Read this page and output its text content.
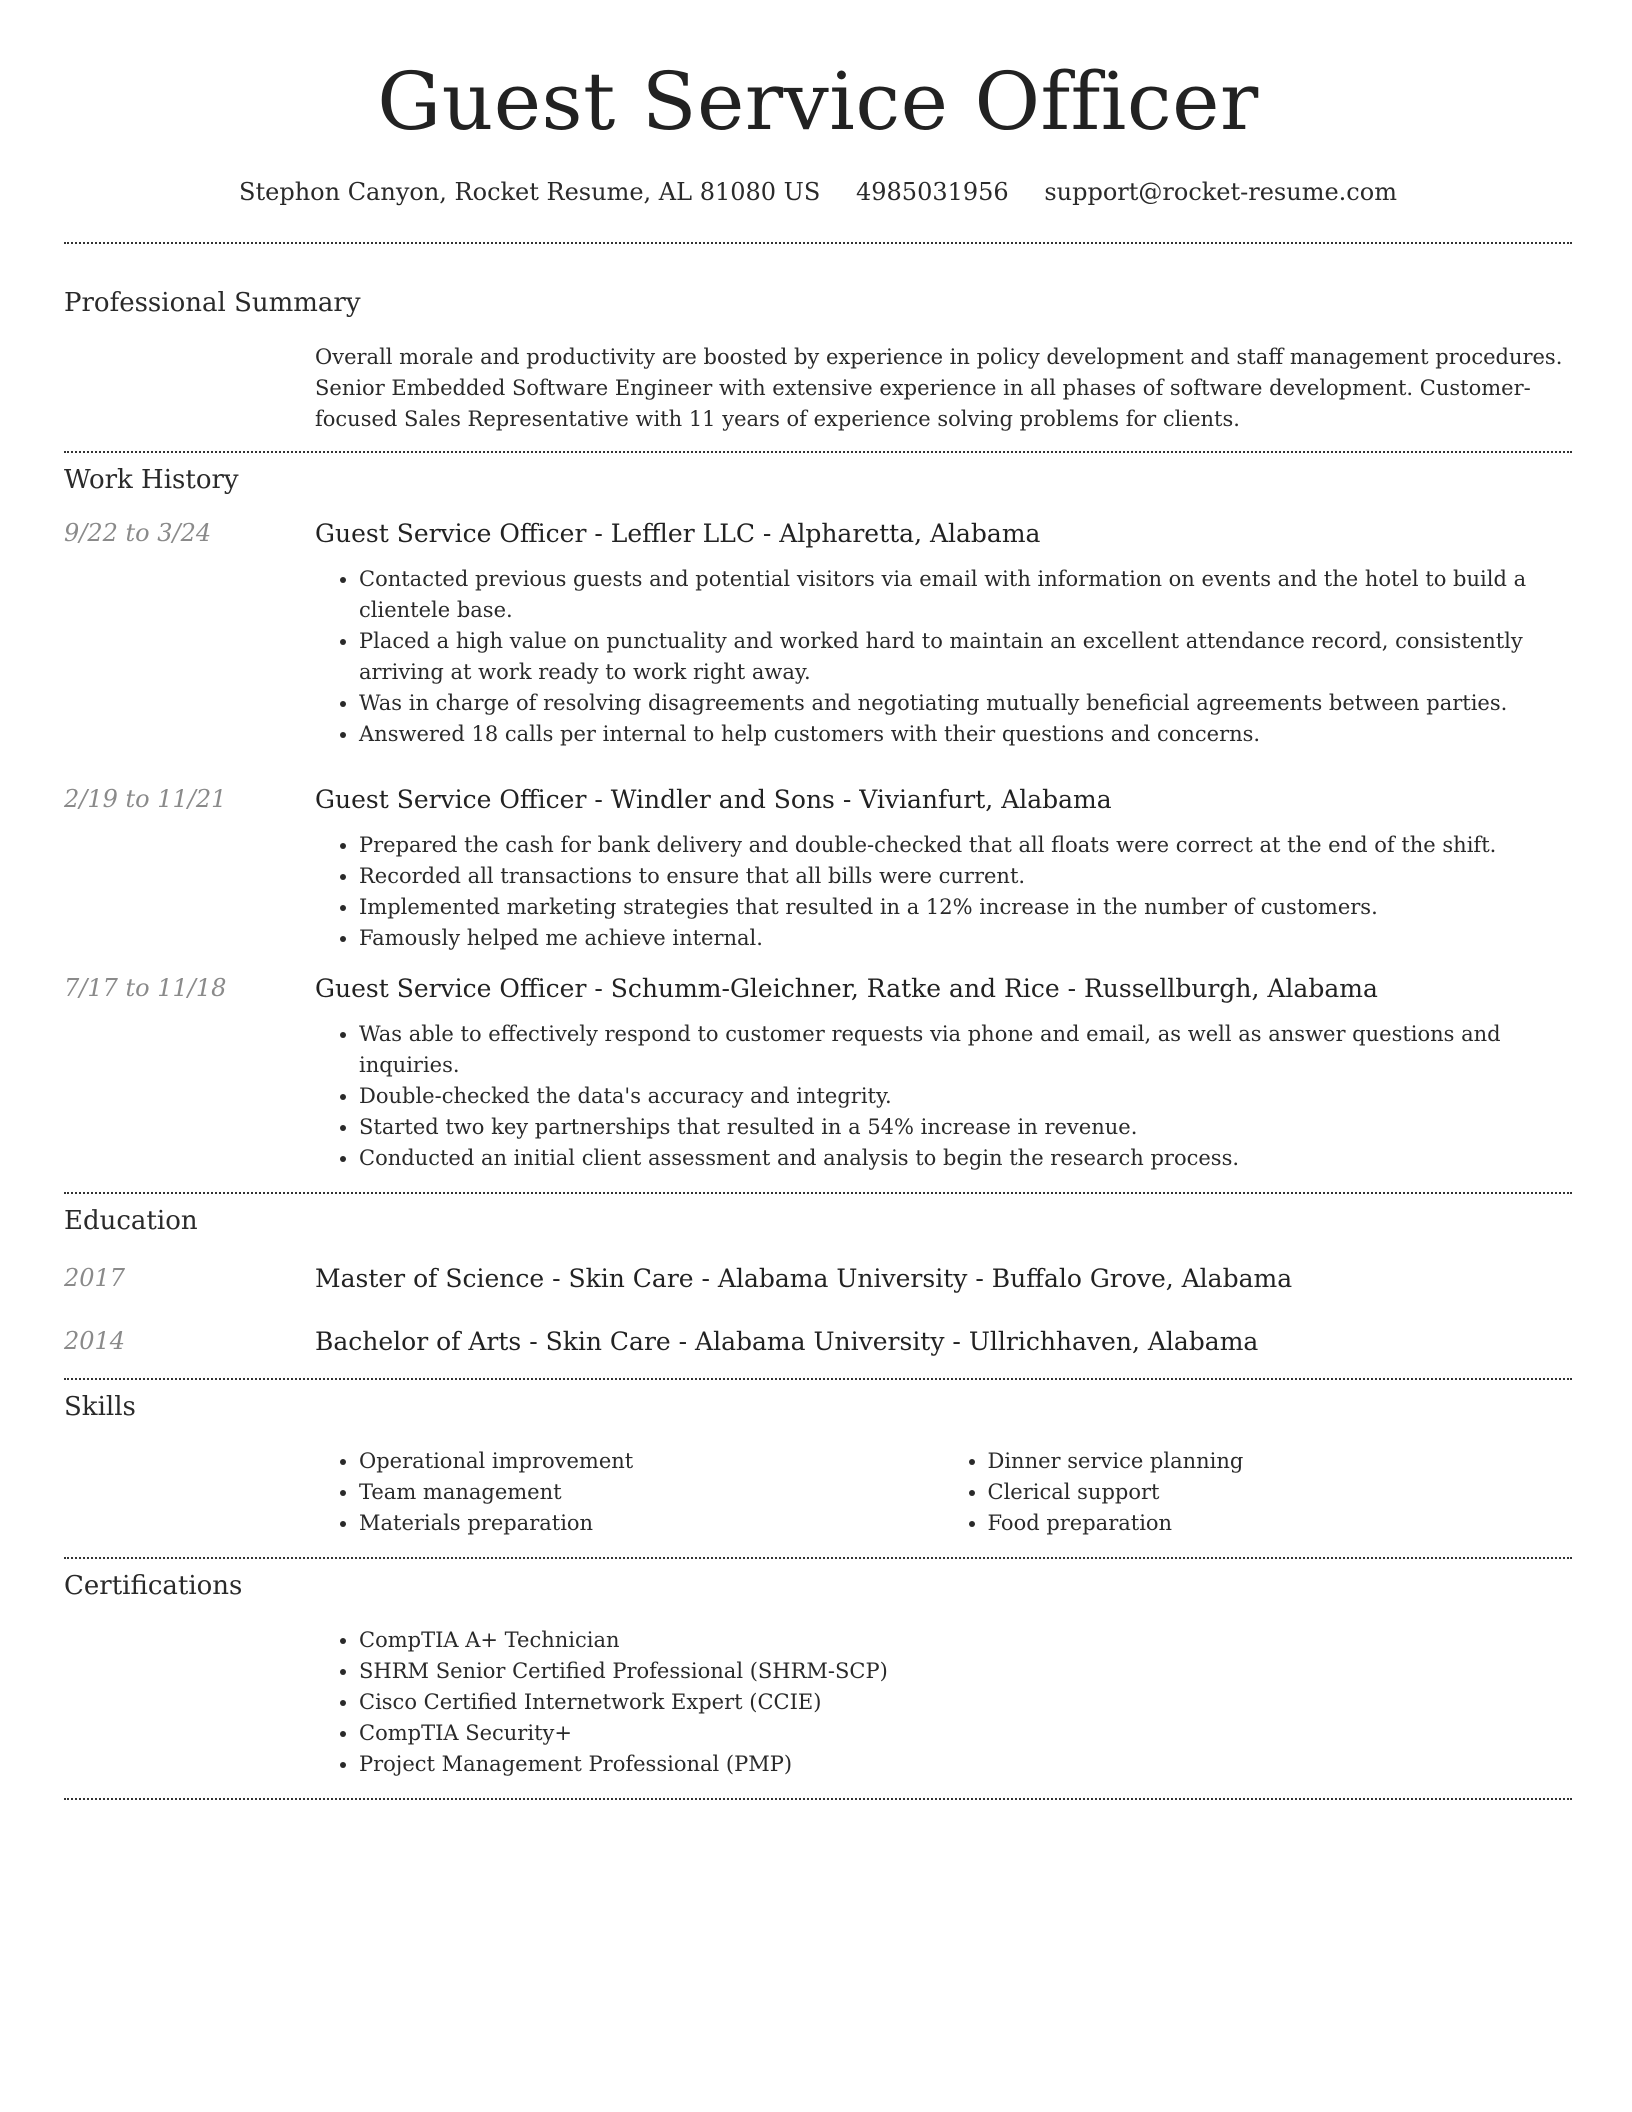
Guest Service Officer
Stephon Canyon, Rocket Resume, AL 81080 US 4985031956 support@rocket-resume.com
Professional Summary
Overall morale and productivity are boosted by experience in policy development and staff management procedures. Senior Embedded Software Engineer with extensive experience in all phases of software development. Customer-focused Sales Representative with 11 years of experience solving problems for clients.
Work History
9/22 to 3/24	Guest Service Officer - Leffler LLC - Alpharetta, Alabama
• Contacted previous guests and potential visitors via email with information on events and the hotel to build a clientele base.
• Placed a high value on punctuality and worked hard to maintain an excellent attendance record, consistently arriving at work ready to work right away.
• Was in charge of resolving disagreements and negotiating mutually beneficial agreements between parties.
• Answered 18 calls per internal to help customers with their questions and concerns.
2/19 to 11/21	Guest Service Officer - Windler and Sons - Vivianfurt, Alabama
• Prepared the cash for bank delivery and double-checked that all floats were correct at the end of the shift.
• Recorded all transactions to ensure that all bills were current.
• Implemented marketing strategies that resulted in a 12% increase in the number of customers.
• Famously helped me achieve internal.
7/17 to 11/18	Guest Service Officer - Schumm-Gleichner, Ratke and Rice - Russellburgh, Alabama
• Was able to effectively respond to customer requests via phone and email, as well as answer questions and inquiries.
• Double-checked the data's accuracy and integrity.
• Started two key partnerships that resulted in a 54% increase in revenue.
• Conducted an initial client assessment and analysis to begin the research process.
Education
2017	Master of Science - Skin Care - Alabama University - Buffalo Grove, Alabama
2014	Bachelor of Arts - Skin Care - Alabama University - Ullrichhaven, Alabama
Skills
• Operational improvement
• Team management
• Materials preparation
• Dinner service planning
• Clerical support
• Food preparation
Certifications
• CompTIA A+ Technician
• SHRM Senior Certified Professional (SHRM-SCP)
• Cisco Certified Internetwork Expert (CCIE)
• CompTIA Security+
• Project Management Professional (PMP)
